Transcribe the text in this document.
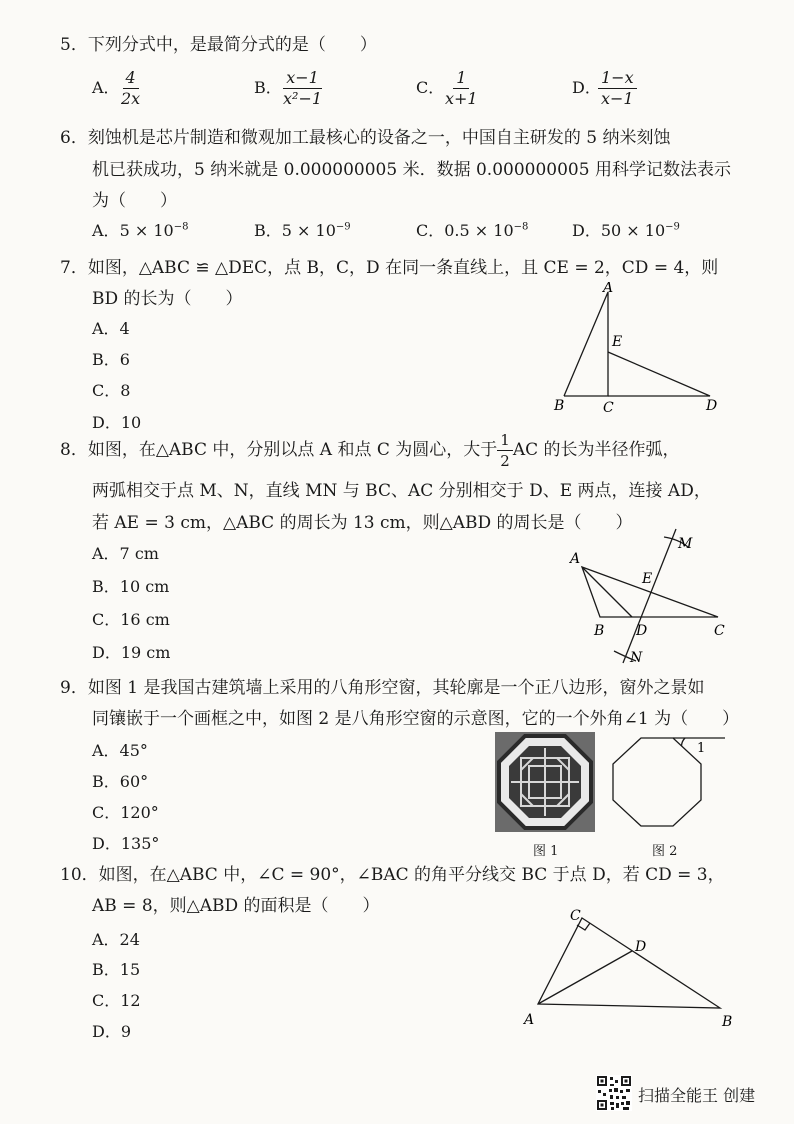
5．下列分式中，是最简分式的是（　　）
A．
$\frac{4}{2x}$	B．
$\frac{x-1}{\text{x²−1}}$	C．
$\frac{1}{x+1}$	D．
$\frac{1-x}{x-1}$
6．刻蚀机是芯片制造和微观加工最核心的设备之一，中国自主研发的 5 纳米刻蚀
机已获成功，5 纳米就是 0.000000005 米．数据 0.000000005 用科学记数法表示
为（　　）
A．$5 \times 10^{-8}$	B．$5 \times 10^{-9}$	C．$0.5 \times 10^{-8}$	D．$50 \times 10^{-9}$
7．如图，△ABC ≌ △DEC，点 B，C，D 在同一条直线上，且 CE = 2，CD = 4，则
BD 的长为（　　）
A．4
B．6
C．8
D．10
A
E
B	C	D
8．如图，在△ABC 中，分别以点 A 和点 C 为圆心，大于 $\frac{1}{2}$ AC 的长为半径作弧，
两弧相交于点 M、N，直线 MN 与 BC、AC 分别相交于 D、E 两点，连接 AD，
若 AE = 3 cm，△ABC 的周长为 13 cm，则△ABD 的周长是（　　）
A．7 cm
B．10 cm
C．16 cm
D．19 cm
M
A
E
B D	C
N
9．如图 1 是我国古建筑墙上采用的八角形空窗，其轮廓是一个正八边形，窗外之景如
同镶嵌于一个画框之中，如图 2 是八角形空窗的示意图，它的一个外角∠1 为（　　）
A．45°
B．60°
C．120°
D．135°	图 1
1
图 2
10．如图，在△ABC 中，∠C = 90°，∠BAC 的角平分线交 BC 于点 D，若 CD = 3，
AB = 8，则△ABD 的面积是（　　）
A．24
B．15
C．12
D．9
C
D
A	B
扫描全能王 创建
